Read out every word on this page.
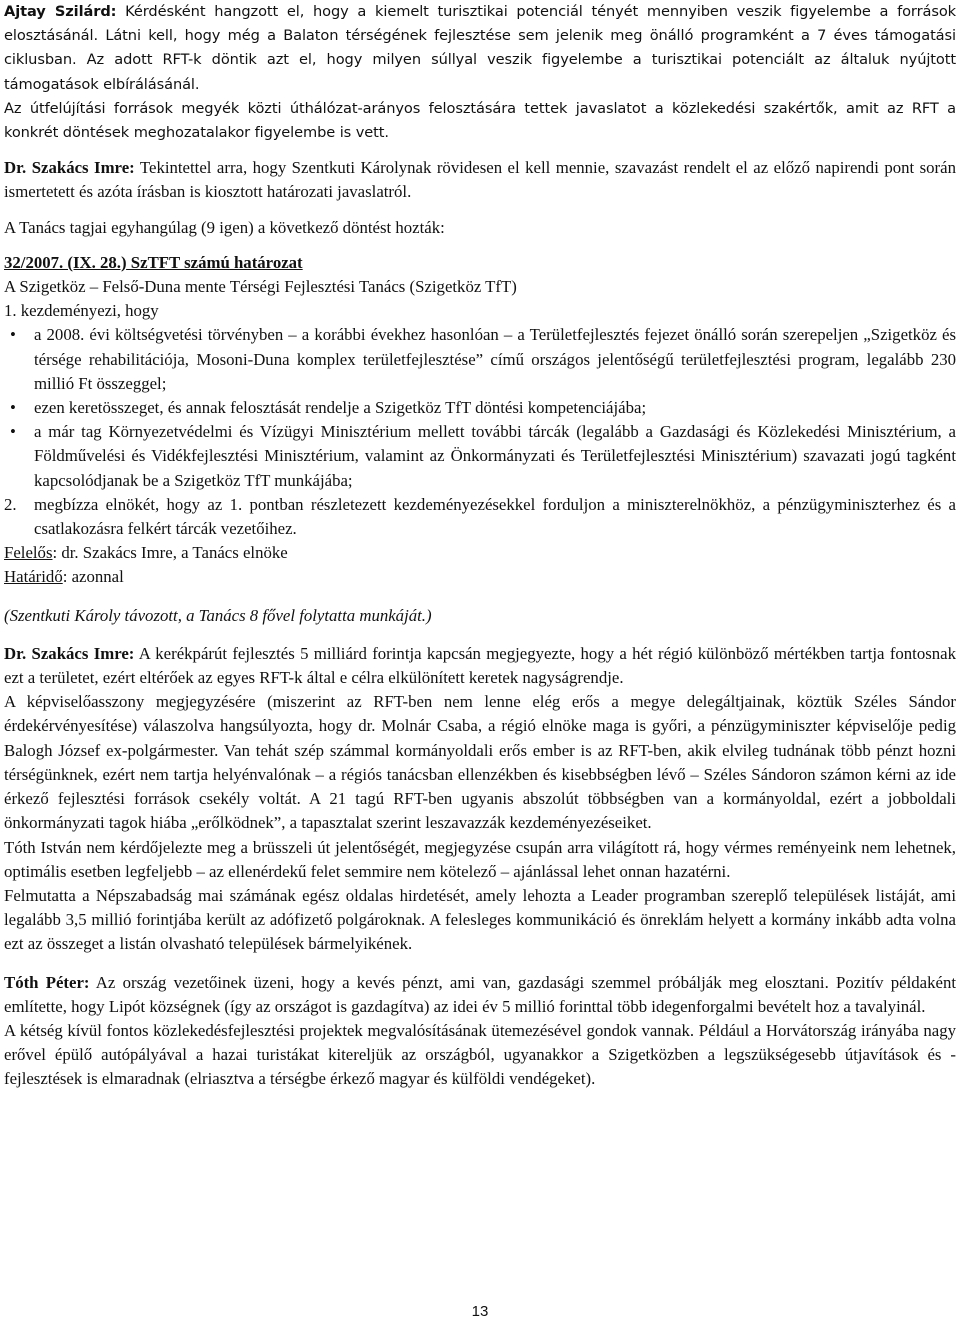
Ajtay Szilárd: Kérdésként hangzott el, hogy a kiemelt turisztikai potenciál tényét mennyiben veszik figyelembe a források elosztásánál. Látni kell, hogy még a Balaton térségének fejlesztése sem jelenik meg önálló programként a 7 éves támogatási ciklusban. Az adott RFT-k döntik azt el, hogy milyen súllyal veszik figyelembe a turisztikai potenciált az általuk nyújtott támogatások elbírálásánál.

Az útfelújítási források megyék közti úthálózat-arányos felosztására tettek javaslatot a közlekedési szakértők, amit az RFT a konkrét döntések meghozatalakor figyelembe is vett.

Dr. Szakács Imre: Tekintettel arra, hogy Szentkuti Károlynak rövidesen el kell mennie, szavazást rendelt el az előző napirendi pont során ismertetett és azóta írásban is kiosztott határozati javaslatról.

A Tanács tagjai egyhangúlag (9 igen) a következő döntést hozták:

32/2007. (IX. 28.) SzTFT számú határozat

A Szigetköz – Felső-Duna mente Térségi Fejlesztési Tanács (Szigetköz TfT)

1. kezdeményezi, hogy

•	a 2008. évi költségvetési törvényben – a korábbi évekhez hasonlóan – a Területfejlesztés fejezet önálló során szerepeljen „Szigetköz és térsége rehabilitációja, Mosoni-Duna komplex területfejlesztése” című országos jelentőségű területfejlesztési program, legalább 230 millió Ft összeggel;

•	ezen keretösszeget, és annak felosztását rendelje a Szigetköz TfT döntési kompetenciájába;

•	a már tag Környezetvédelmi és Vízügyi Minisztérium mellett további tárcák (legalább a Gazdasági és Közlekedési Minisztérium, a Földművelési és Vidékfejlesztési Minisztérium, valamint az Önkormányzati és Területfejlesztési Minisztérium) szavazati jogú tagként kapcsolódjanak be a Szigetköz TfT munkájába;

2. megbízza elnökét, hogy az 1. pontban részletezett kezdeményezésekkel forduljon a miniszterelnökhöz, a pénzügyminiszterhez és a csatlakozásra felkért tárcák vezetőihez.

Felelős: dr. Szakács Imre, a Tanács elnöke

Határidő: azonnal

(Szentkuti Károly távozott, a Tanács 8 fővel folytatta munkáját.)

Dr. Szakács Imre: A kerékpárút fejlesztés 5 milliárd forintja kapcsán megjegyezte, hogy a hét régió különböző mértékben tartja fontosnak ezt a területet, ezért eltérőek az egyes RFT-k által e célra elkülönített keretek nagyságrendje.

A képviselőasszony megjegyzésére (miszerint az RFT-ben nem lenne elég erős a megye delegáltjainak, köztük Széles Sándor érdekérvényesítése) válaszolva hangsúlyozta, hogy dr. Molnár Csaba, a régió elnöke maga is győri, a pénzügyminiszter képviselője pedig Balogh József ex-polgármester. Van tehát szép számmal kormányoldali erős ember is az RFT-ben, akik elvileg tudnának több pénzt hozni térségünknek, ezért nem tartja helyénvalónak – a régiós tanácsban ellenzékben és kisebbségben lévő – Széles Sándoron számon kérni az ide érkező fejlesztési források csekély voltát. A 21 tagú RFT-ben ugyanis abszolút többségben van a kormányoldal, ezért a jobboldali önkormányzati tagok hiába „erőlködnek”, a tapasztalat szerint leszavazzák kezdeményezéseiket.

Tóth István nem kérdőjelezte meg a brüsszeli út jelentőségét, megjegyzése csupán arra világított rá, hogy vérmes reményeink nem lehetnek, optimális esetben legfeljebb – az ellenérdekű felet semmire nem kötelező – ajánlással lehet onnan hazatérni.

Felmutatta a Népszabadság mai számának egész oldalas hirdetését, amely lehozta a Leader programban szereplő települések listáját, ami legalább 3,5 millió forintjába került az adófizető polgároknak. A felesleges kommunikáció és önreklám helyett a kormány inkább adta volna ezt az összeget a listán olvasható települések bármelyikének.

Tóth Péter: Az ország vezetőinek üzeni, hogy a kevés pénzt, ami van, gazdasági szemmel próbálják meg elosztani. Pozitív példaként említette, hogy Lipót községnek (így az országot is gazdagítva) az idei év 5 millió forinttal több idegenforgalmi bevételt hoz a tavalyinál.

A kétség kívül fontos közlekedésfejlesztési projektek megvalósításának ütemezésével gondok vannak. Például a Horvátország irányába nagy erővel épülő autópályával a hazai turistákat kitereljük az országból, ugyanakkor a Szigetközben a legszükségesebb útjavítások és -fejlesztések is elmaradnak (elriasztva a térségbe érkező magyar és külföldi vendégeket).

13
